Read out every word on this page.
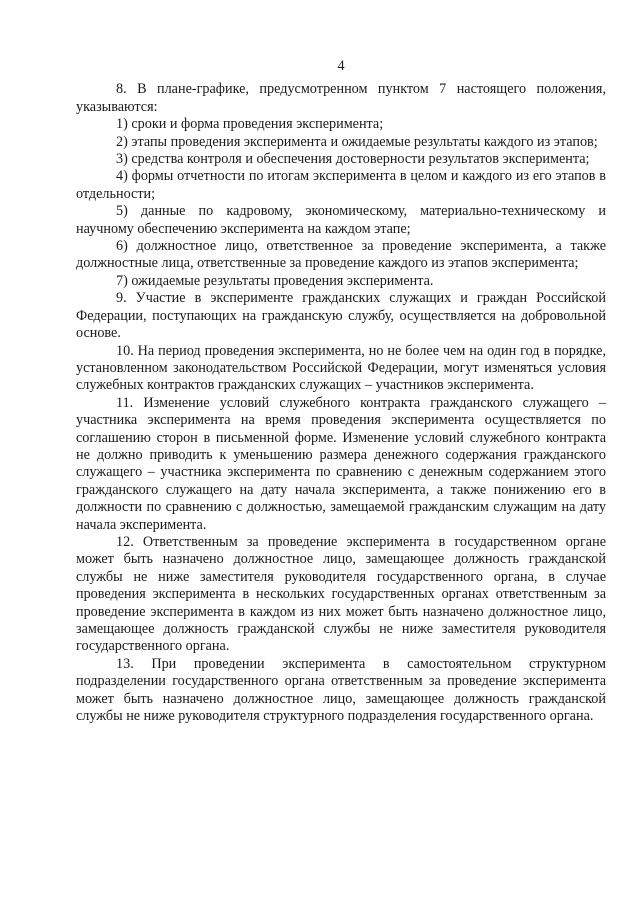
4

8. В плане-графике, предусмотренном пунктом 7 настоящего положения, указываются:

1) сроки и форма проведения эксперимента;

2) этапы проведения эксперимента и ожидаемые результаты каждого из этапов;

3) средства контроля и обеспечения достоверности результатов эксперимента;

4) формы отчетности по итогам эксперимента в целом и каждого из его этапов в отдельности;

5) данные по кадровому, экономическому, материально-техническому и научному обеспечению эксперимента на каждом этапе;

6) должностное лицо, ответственное за проведение эксперимента, а также должностные лица, ответственные за проведение каждого из этапов эксперимента;

7) ожидаемые результаты проведения эксперимента.

9. Участие в эксперименте гражданских служащих и граждан Российской Федерации, поступающих на гражданскую службу, осуществляется на добровольной основе.

10. На период проведения эксперимента, но не более чем на один год в порядке, установленном законодательством Российской Федерации, могут изменяться условия служебных контрактов гражданских служащих – участников эксперимента.

11. Изменение условий служебного контракта гражданского служащего – участника эксперимента на время проведения эксперимента осуществляется по соглашению сторон в письменной форме. Изменение условий служебного контракта не должно приводить к уменьшению размера денежного содержания гражданского служащего – участника эксперимента по сравнению с денежным содержанием этого гражданского служащего на дату начала эксперимента, а также понижению его в должности по сравнению с должностью, замещаемой гражданским служащим на дату начала эксперимента.

12. Ответственным за проведение эксперимента в государственном органе может быть назначено должностное лицо, замещающее должность гражданской службы не ниже заместителя руководителя государственного органа, в случае проведения эксперимента в нескольких государственных органах ответственным за проведение эксперимента в каждом из них может быть назначено должностное лицо, замещающее должность гражданской службы не ниже заместителя руководителя государственного органа.

13. При проведении эксперимента в самостоятельном структурном подразделении государственного органа ответственным за проведение эксперимента может быть назначено должностное лицо, замещающее должность гражданской службы не ниже руководителя структурного подразделения государственного органа.
